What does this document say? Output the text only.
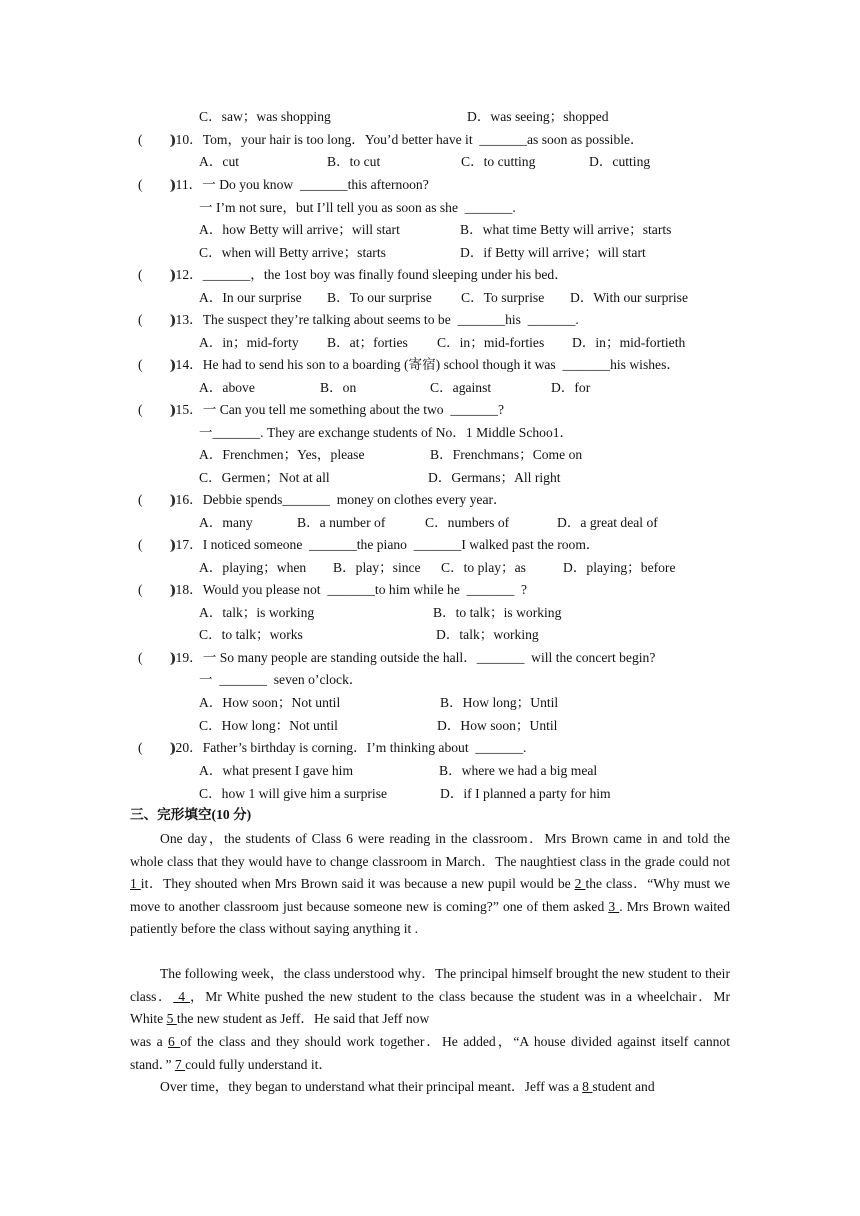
C．saw；was shopping	D．was seeing；shopped
(        )
)10．Tom，your hair is too long．You’d better have it  _______as soon as possible．
A．cut	B．to cut	C．to cutting	D．cutting
(        )
)11．一 Do you know  _______this afternoon?
一 I’m not sure，but I’ll tell you as soon as she  _______.
A．how Betty will arrive；will start	B．what time Betty will arrive；starts
C．when will Betty arrive；starts	D．if Betty will arrive；will start
(        )
)12．_______，the 1ost boy was finally found sleeping under his bed．
A．In our surprise B．To our surprise C．To surprise D．With our surprise
(        )
)13．The suspect they’re talking about seems to be  _______his  _______.
A．in；mid-forty B．at；forties C．in；mid-forties D．in；mid-fortieth
(        )
)14．He had to send his son to a boarding (寄宿) school though it was  _______his wishes．
A．above	B．on	C．against	D．for
(        )
)15．一 Can you tell me something about the two  _______?
一_______. They are exchange students of No．1 Middle Schoo1．
A．Frenchmen；Yes，please	B．Frenchmans；Come on
C．Germen；Not at all	D．Germans；All right
(        )
)16．Debbie spends_______  money on clothes every year．
A．many	B．a number of	C．numbers of	D．a great deal of
(        )
)17．I noticed someone  _______the piano  _______I walked past the room．
A．playing；when B．play；since C．to play；as	D．playing；before
(        )
)18．Would you please not  _______to him while he  _______  ?
A．talk；is working	B．to talk；is working
C．to talk；works	D．talk；working
(        )
)19．一 So many people are standing outside the hall．_______  will the concert begin?
一  _______  seven o’clock．
A．How soon；Not until	B．How long；Until
C．How long：Not until	D．How soon；Until
(        )
)20．Father’s birthday is corning．I’m thinking about  _______.
A．what present I gave him	B．where we had a big meal
C．how 1 will give him a surprise	D．if I planned a party for him
三、完形填空(10 分)
One day，the students of Class 6 were reading in the classroom．Mrs Brown came in and told the whole class that they would have to change classroom in March．The naughtiest class in the grade could not 1 it．They shouted when Mrs Brown said it was because a new pupil would be 2 the class．“Why must we move to another classroom just because someone new is coming?” one of them asked 3 . Mrs Brown waited patiently before the class without saying anything it .
The following week，the class understood why．The principal himself brought the new student to their class． 4 ，Mr White pushed the new student to the class because the student was in a wheelchair．Mr White 5 the new student as Jeff．He said that Jeff now
was a 6 of the class and they should work together．He added，“A house divided against itself cannot stand．” 7 could fully understand it．
Over time，they began to understand what their principal meant．Jeff was a 8 student and
